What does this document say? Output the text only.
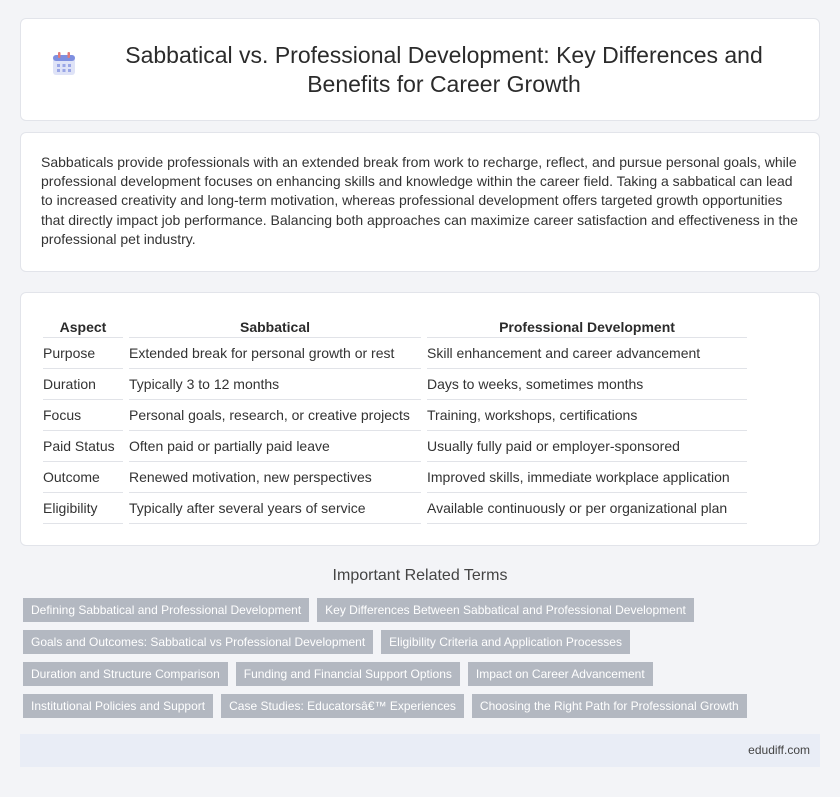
Sabbatical vs. Professional Development: Key Differences and Benefits for Career Growth

Sabbaticals provide professionals with an extended break from work to recharge, reflect, and pursue personal goals, while professional development focuses on enhancing skills and knowledge within the career field. Taking a sabbatical can lead to increased creativity and long-term motivation, whereas professional development offers targeted growth opportunities that directly impact job performance. Balancing both approaches can maximize career satisfaction and effectiveness in the professional pet industry.

Aspect	Sabbatical	Professional Development
Purpose	Extended break for personal growth or rest	Skill enhancement and career advancement
Duration	Typically 3 to 12 months	Days to weeks, sometimes months
Focus	Personal goals, research, or creative projects	Training, workshops, certifications
Paid Status	Often paid or partially paid leave	Usually fully paid or employer-sponsored
Outcome	Renewed motivation, new perspectives	Improved skills, immediate workplace application
Eligibility	Typically after several years of service	Available continuously or per organizational plan
Important Related Terms
Defining Sabbatical and Professional Development	Key Differences Between Sabbatical and Professional Development
Goals and Outcomes: Sabbatical vs Professional Development	Eligibility Criteria and Application Processes
Duration and Structure Comparison	Funding and Financial Support Options	Impact on Career Advancement
Institutional Policies and Support	Case Studies: Educatorsâ€™ Experiences	Choosing the Right Path for Professional Growth
edudiff.com
